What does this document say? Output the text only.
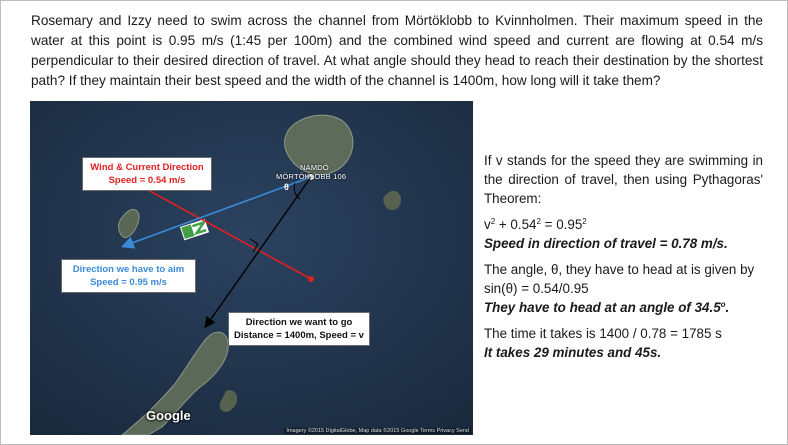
Rosemary and Izzy need to swim across the channel from Mörtöklobb to Kvinnholmen. Their maximum speed in the water at this point is 0.95 m/s (1:45 per 100m) and the combined wind speed and current are flowing at 0.54 m/s perpendicular to their desired direction of travel. At what angle should they head to reach their destination by the shortest path? If they maintain their best speed and the width of the channel is 1400m, how long will it take them?
NAMDÖ
MÖRTÖKLOBB 106
θ
Wind & Current Direction
Speed = 0.54 m/s
Direction we have to aim
Speed = 0.95 m/s
Direction we want to go
Distance = 1400m, Speed = v
Google
Imagery ©2015 DigitalGlobe, Map data ©2015 Google Terms Privacy Send

If v stands for the speed they are swimming in the direction of travel, then using Pythagoras' Theorem:

$v^2 + 0.54^2 = 0.95^2$

Speed in direction of travel = 0.78 m/s.

The angle, θ, they have to head at is given by
sin(θ) = 0.54/0.95

They have to head at an angle of 34.5$^o$.

The time it takes is 1400 / 0.78 = 1785 s
It takes 29 minutes and 45s.
